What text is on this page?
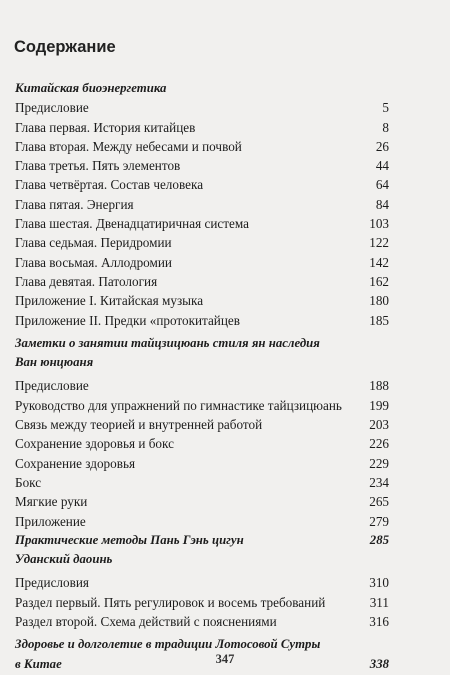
Содержание
Китайская биоэнергетика
Предисловие	5
Глава первая. История китайцев	8
Глава вторая. Между небесами и почвой	26
Глава третья. Пять элементов	44
Глава четвёртая. Состав человека	64
Глава пятая. Энергия	84
Глава шестая. Двенадцатиричная система	103
Глава седьмая. Перидромии	122
Глава восьмая. Аллодромии	142
Глава девятая. Патология	162
Приложение I. Китайская музыка	180
Приложение II. Предки «протокитайцев	185
Заметки о занятии тайцзицюань стиля ян наследия
Ван юнцюаня
Предисловие	188
Руководство для упражнений по гимнастике тайцзицюань 199
Связь между теорией и внутренней работой	203
Сохранение здоровья и бокс	226
Сохранение здоровья	229
Бокс	234
Мягкие руки	265
Приложение	279
Практические методы Пань Гэнь цигун	285
Уданский даоинь
Предисловия	310
Раздел первый. Пять регулировок и восемь требований	311
Раздел второй. Схема действий с пояснениями	316
Здоровье и долголетие в традиции Лотосовой Сутры
в Китае	338
347
